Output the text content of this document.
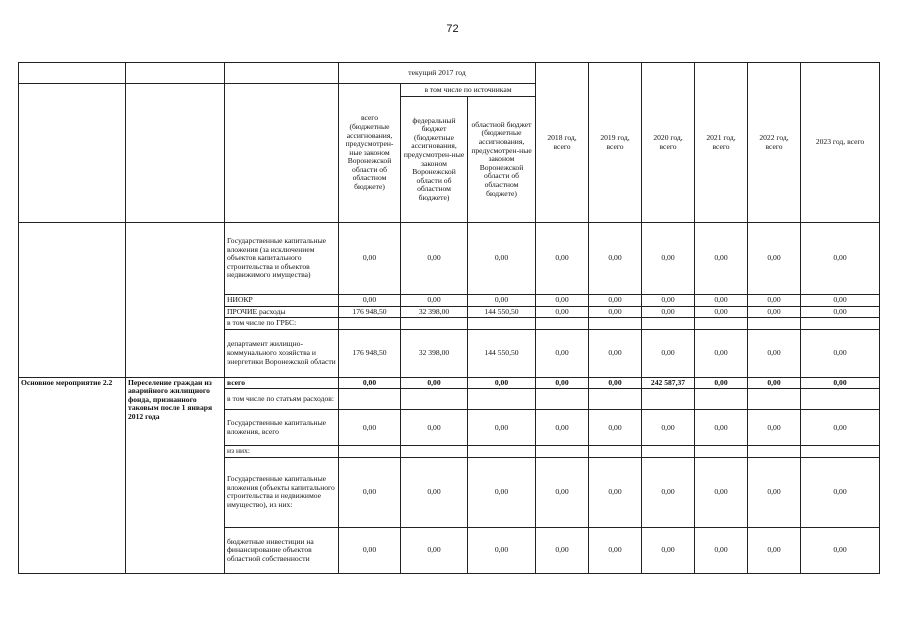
72
			текущий 2017 год			2018 год, всего	2019 год, всего	2020 год, всего	2021 год, всего	2022 год, всего	2023 год, всего
			всего (бюджетные ассигнования, предусмотрен-ные законом Воронежской области об областном бюджете)	в том числе по источникам							
				федеральный бюджет (бюджетные ассигнования, предусмотрен-ные законом Воронежской области об областном бюджете)	областной бюджет (бюджетные ассигнования, предусмотрен-ные законом Воронежской области об областном бюджете)						
		Государственные капитальные вложения (за исключением объектов капитального строительства и объектов недвижимого имущества)	0,00	0,00	0,00	0,00	0,00	0,00	0,00	0,00	0,00
		НИОКР	0,00	0,00	0,00	0,00	0,00	0,00	0,00	0,00	0,00
		ПРОЧИЕ расходы	176 948,50	32 398,00	144 550,50	0,00	0,00	0,00	0,00	0,00	0,00
		в том числе по ГРБС:									
		департамент жилищно-коммунального хозяйства и энергетики Воронежской области	176 948,50	32 398,00	144 550,50	0,00	0,00	0,00	0,00	0,00	0,00
Основное мероприятие 2.2	Переселение граждан из аварийного жилищного фонда, признанного таковым после 1 января 2012 года	всего	0,00	0,00	0,00	0,00	0,00	242 587,37	0,00	0,00	0,00
		в том числе по статьям расходов:									
		Государственные капитальные вложения, всего	0,00	0,00	0,00	0,00	0,00	0,00	0,00	0,00	0,00
		из них:									
		Государственные капитальные вложения (объекты капитального строительства и недвижимое имущество), из них:	0,00	0,00	0,00	0,00	0,00	0,00	0,00	0,00	0,00
		бюджетные инвестиции на финансирование объектов областной собственности	0,00	0,00	0,00	0,00	0,00	0,00	0,00	0,00	0,00
